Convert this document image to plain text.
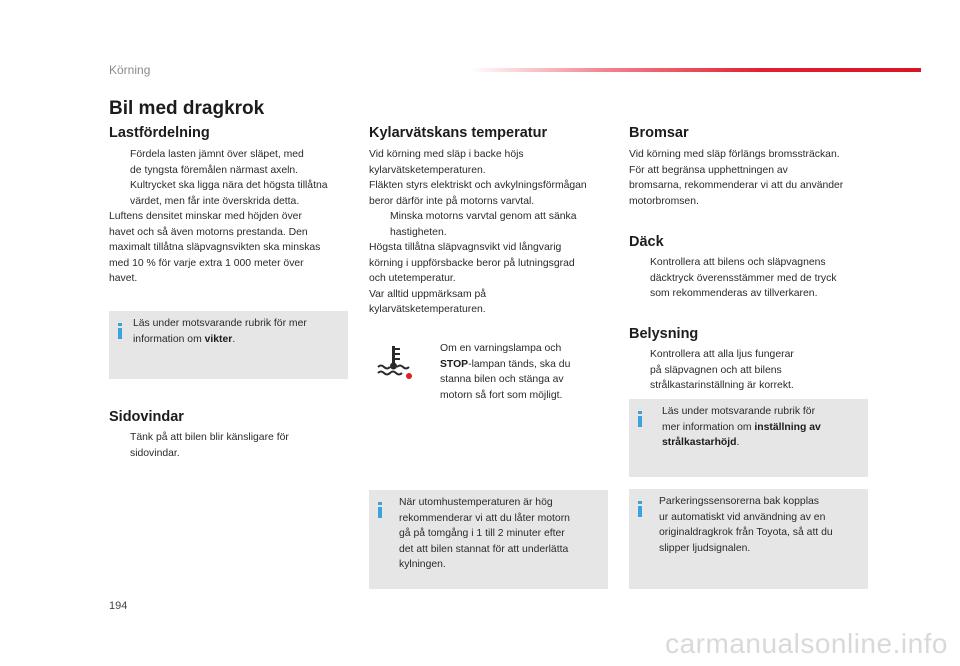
Körning
Bil med dragkrok
Lastfördelning
Fördela lasten jämnt över släpet, med
de tyngsta föremålen närmast axeln.
Kultrycket ska ligga nära det högsta tillåtna
värdet, men får inte överskrida detta.
Luftens densitet minskar med höjden över
havet och så även motorns prestanda. Den
maximalt tillåtna släpvagnsvikten ska minskas
med 10 % för varje extra 1 000 meter över
havet.
Läs under motsvarande rubrik för mer
information om vikter.
Sidovindar
Tänk på att bilen blir känsligare för
sidovindar.
Kylarvätskans temperatur
Vid körning med släp i backe höjs
kylarvätsketemperaturen.
Fläkten styrs elektriskt och avkylningsförmågan
beror därför inte på motorns varvtal.
Minska motorns varvtal genom att sänka
hastigheten.
Högsta tillåtna släpvagnsvikt vid långvarig
körning i uppförsbacke beror på lutningsgrad
och utetemperatur.
Var alltid uppmärksam på
kylarvätsketemperaturen.
Om en varningslampa och
STOP-lampan tänds, ska du
stanna bilen och stänga av
motorn så fort som möjligt.
När utomhustemperaturen är hög
rekommenderar vi att du låter motorn
gå på tomgång i 1 till 2 minuter efter
det att bilen stannat för att underlätta
kylningen.
Bromsar
Vid körning med släp förlängs bromssträckan.
För att begränsa upphettningen av
bromsarna, rekommenderar vi att du använder
motorbromsen.
Däck
Kontrollera att bilens och släpvagnens
däcktryck överensstämmer med de tryck
som rekommenderas av tillverkaren.
Belysning
Kontrollera att alla ljus fungerar
på släpvagnen och att bilens
strålkastarinställning är korrekt.
Läs under motsvarande rubrik för
mer information om inställning av
strålkastarhöjd.
Parkeringssensorerna bak kopplas
ur automatiskt vid användning av en
originaldragkrok från Toyota, så att du
slipper ljudsignalen.
194
carmanualsonline.info
